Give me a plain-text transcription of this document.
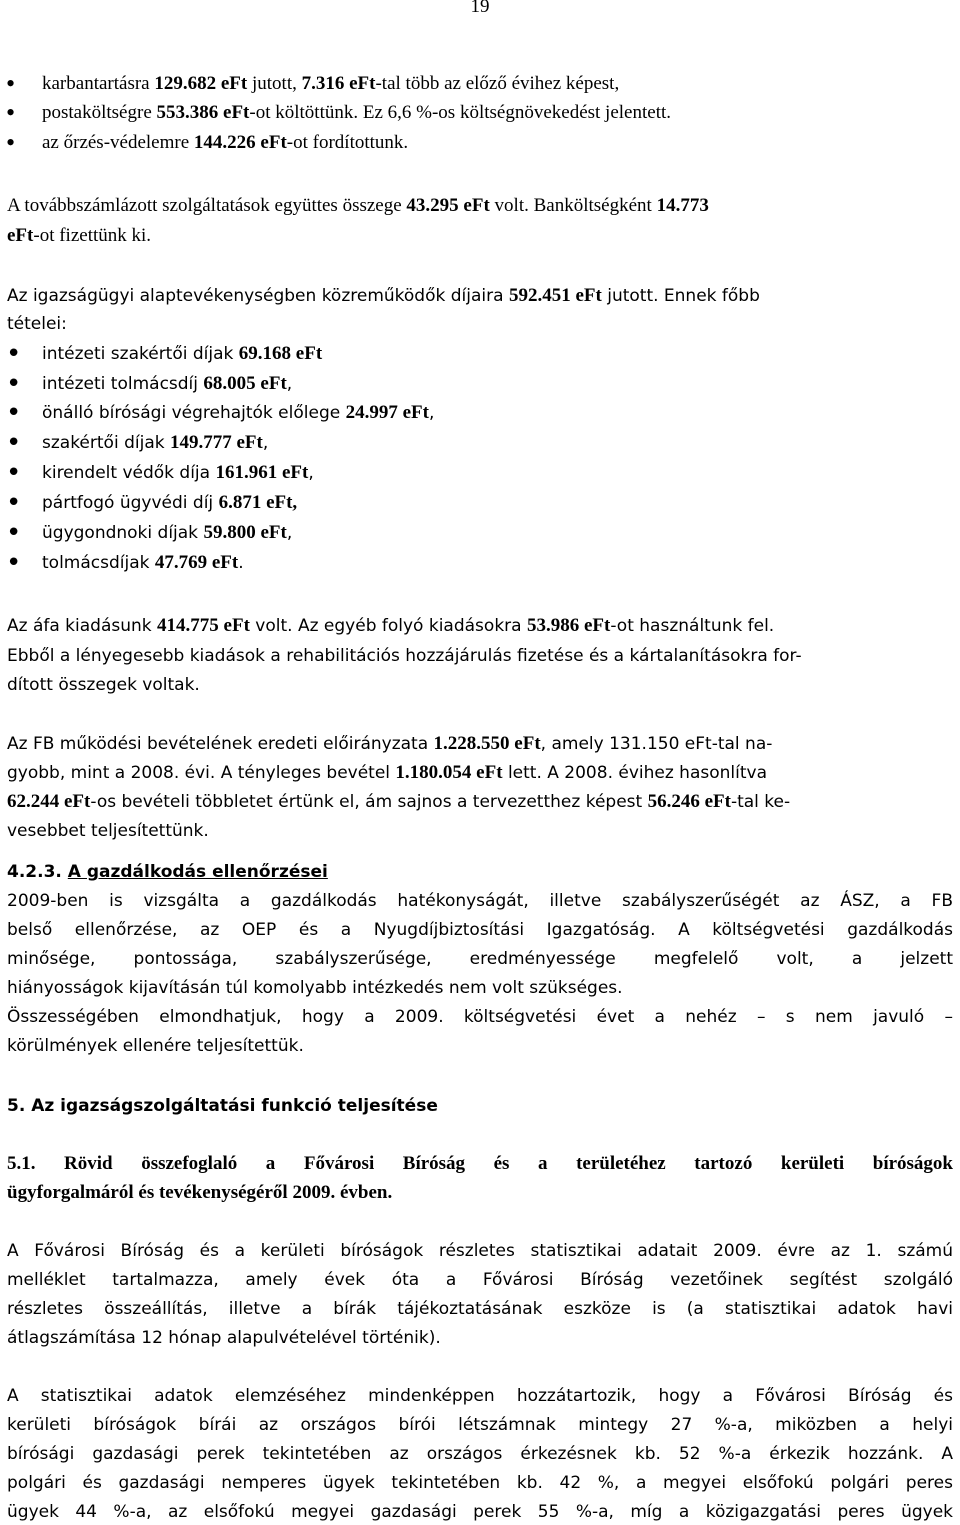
19
• karbantartásra 129.682 eFt jutott, 7.316 eFt-tal több az előző évihez képest,
• postaköltségre 553.386 eFt-ot költöttünk. Ez 6,6 %-os költségnövekedést jelentett.
• az őrzés-védelemre 144.226 eFt-ot fordítottunk.
A továbbszámlázott szolgáltatások együttes összege 43.295 eFt volt. Banköltségként 14.773
eFt-ot fizettünk ki.
Az igazságügyi alaptevékenységben közreműködők díjaira 592.451 eFt jutott. Ennek főbb
tételei:
• intézeti szakértői díjak 69.168 eFt
• intézeti tolmácsdíj 68.005 eFt,
• önálló bírósági végrehajtók előlege 24.997 eFt,
• szakértői díjak 149.777 eFt,
• kirendelt védők díja 161.961 eFt,
• pártfogó ügyvédi díj 6.871 eFt,
• ügygondnoki díjak 59.800 eFt,
• tolmácsdíjak 47.769 eFt.
Az áfa kiadásunk 414.775 eFt volt. Az egyéb folyó kiadásokra 53.986 eFt-ot használtunk fel.
Ebből a lényegesebb kiadások a rehabilitációs hozzájárulás fizetése és a kártalanításokra for-
dított összegek voltak.
Az FB működési bevételének eredeti előirányzata 1.228.550 eFt, amely 131.150 eFt-tal na-
gyobb, mint a 2008. évi. A tényleges bevétel 1.180.054 eFt lett. A 2008. évihez hasonlítva
62.244 eFt-os bevételi többletet értünk el, ám sajnos a tervezetthez képest 56.246 eFt-tal ke-
vesebbet teljesítettünk.
4.2.3. A gazdálkodás ellenőrzései
2009-ben is vizsgálta a gazdálkodás hatékonyságát, illetve szabályszerűségét az ÁSZ, a FB
belső ellenőrzése, az OEP és a Nyugdíjbiztosítási Igazgatóság. A költségvetési gazdálkodás
minősége, pontossága, szabályszerűsége, eredményessége megfelelő volt, a jelzett
hiányosságok kijavításán túl komolyabb intézkedés nem volt szükséges.
Összességében elmondhatjuk, hogy a 2009. költségvetési évet a nehéz – s nem javuló –
körülmények ellenére teljesítettük.
5. Az igazságszolgáltatási funkció teljesítése
5.1. Rövid összefoglaló a Fővárosi Bíróság és a területéhez tartozó kerületi bíróságok
ügyforgalmáról és tevékenységéről 2009. évben.
A Fővárosi Bíróság és a kerületi bíróságok részletes statisztikai adatait 2009. évre az 1. számú
melléklet tartalmazza, amely évek óta a Fővárosi Bíróság vezetőinek segítést szolgáló
részletes összeállítás, illetve a bírák tájékoztatásának eszköze is (a statisztikai adatok havi
átlagszámítása 12 hónap alapulvételével történik).
A statisztikai adatok elemzéséhez mindenképpen hozzátartozik, hogy a Fővárosi Bíróság és
kerületi bíróságok bírái az országos bírói létszámnak mintegy 27 %-a, miközben a helyi
bírósági gazdasági perek tekintetében az országos érkezésnek kb. 52 %-a érkezik hozzánk. A
polgári és gazdasági nemperes ügyek tekintetében kb. 42 %, a megyei elsőfokú polgári peres
ügyek 44 %-a, az elsőfokú megyei gazdasági perek 55 %-a, míg a közigazgatási peres ügyek
